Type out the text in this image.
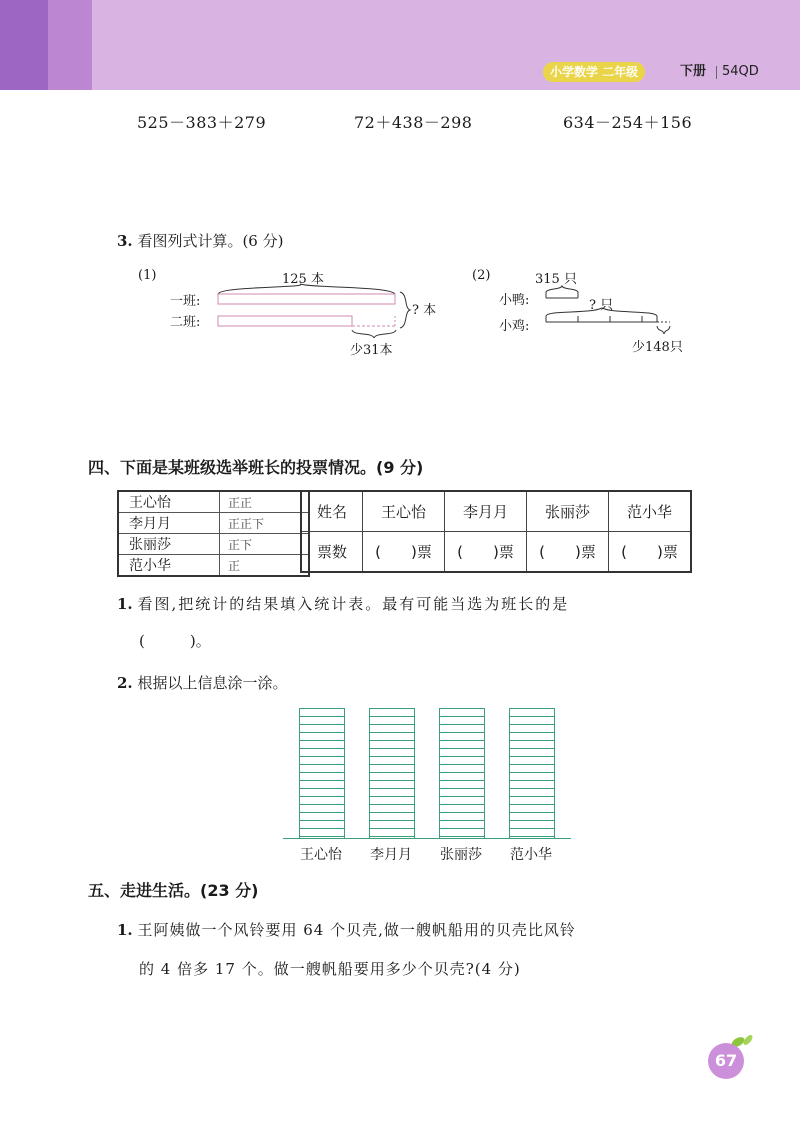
小学数学 二年级	下册 54QD
525－383＋279	72＋438－298	634－254＋156
3. 看图列式计算。(6 分)
(1)	125 本
一班:
二班:
? 本
少31本
(2)	315 只
小鸭:
小鸡:
? 只
少148只
四、下面是某班级选举班长的投票情况。(9 分)
王心怡	正正
李月月	正正下
张丽莎	正下
范小华	正
姓名	王心怡	李月月	张丽莎	范小华
票数	(　　)票	(　　)票	(　　)票	(　　)票
1. 看图,把统计的结果填入统计表。最有可能当选为班长的是
(　　　)。
2. 根据以上信息涂一涂。
王心怡	李月月	张丽莎	范小华
五、走进生活。(23 分)
1. 王阿姨做一个风铃要用 64 个贝壳,做一艘帆船用的贝壳比风铃
的 4 倍多 17 个。做一艘帆船要用多少个贝壳?(4 分)
67
